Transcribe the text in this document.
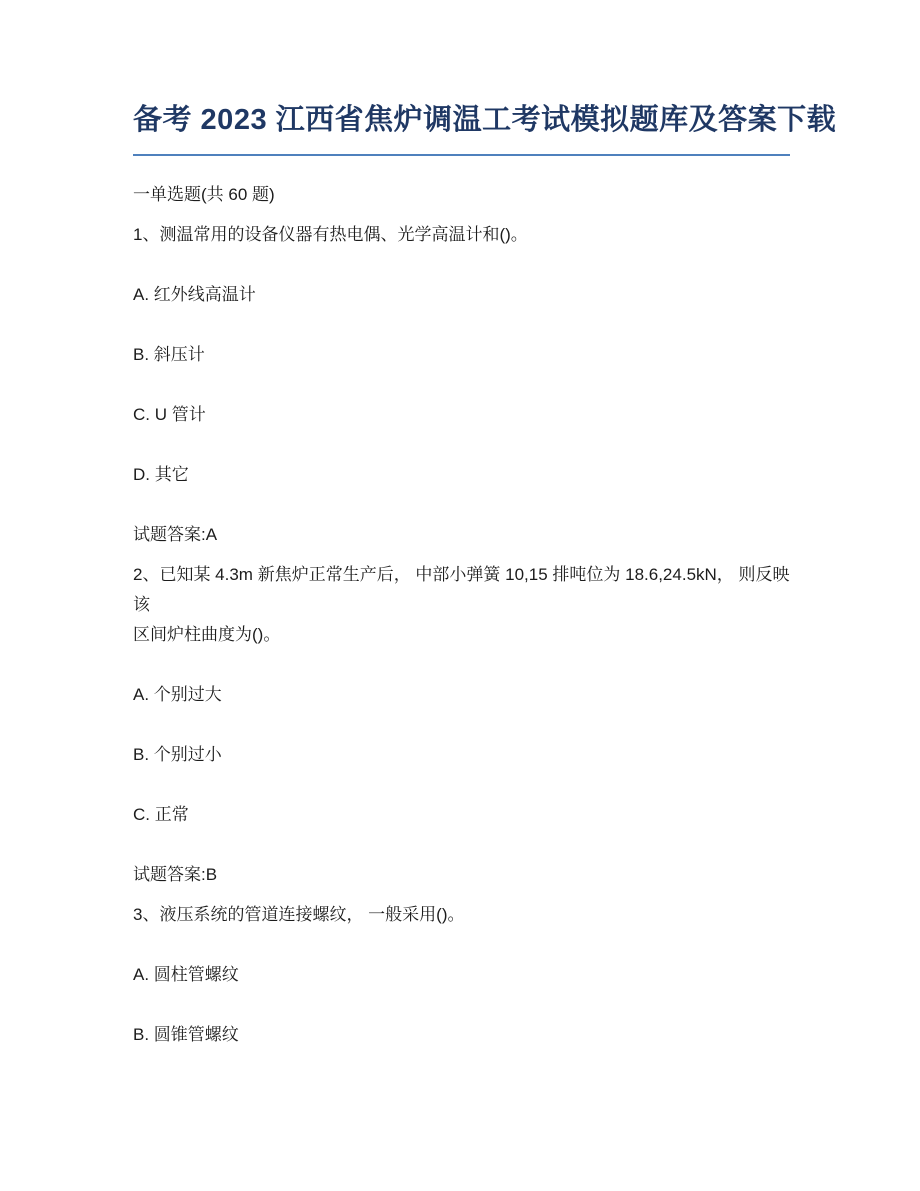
备考 2023 江西省焦炉调温工考试模拟题库及答案下载

一单选题(共 60 题)

1、测温常用的设备仪器有热电偶、光学高温计和()。

A. 红外线高温计

B. 斜压计

C. U 管计

D. 其它

试题答案:A

2、已知某 4.3m 新焦炉正常生产后， 中部小弹簧 10,15 排吨位为 18.6,24.5kN， 则反映该
区间炉柱曲度为()。

A. 个别过大

B. 个别过小

C. 正常

试题答案:B

3、液压系统的管道连接螺纹， 一般采用()。

A. 圆柱管螺纹

B. 圆锥管螺纹
